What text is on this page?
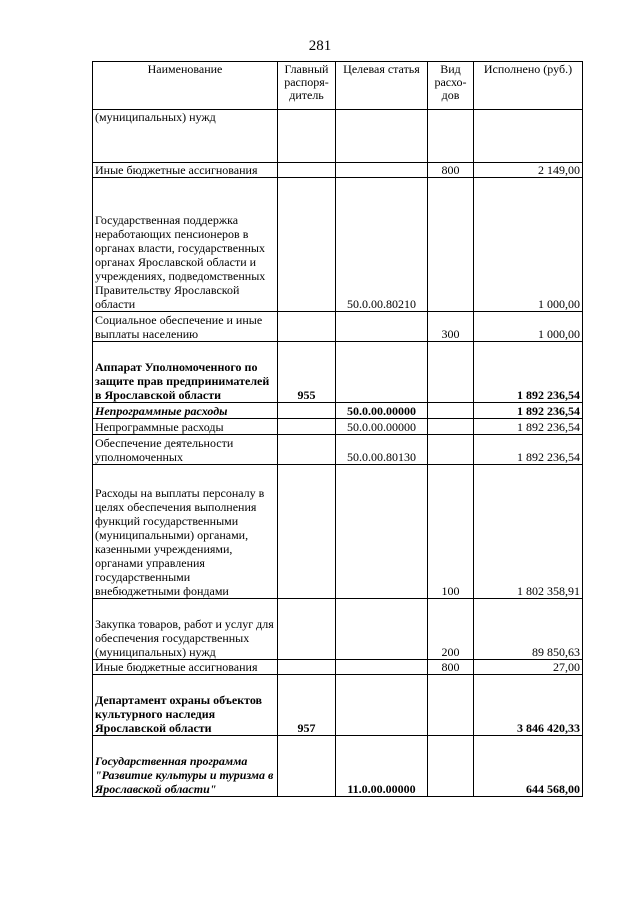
281
Наименование	Главный распоря-дитель	Целевая статья	Вид расхо-дов	Исполнено (руб.)
(муниципальных) нужд				
Иные бюджетные ассигнования			800	2 149,00
Государственная поддержка неработающих пенсионеров в органах власти, государственных органах Ярославской области и учреждениях, подведомственных Правительству Ярославской области		50.0.00.80210		1 000,00
Социальное обеспечение и иные выплаты населению			300	1 000,00
Аппарат Уполномоченного по защите прав предпринимателей в Ярославской области	955			1 892 236,54
Непрограммные расходы		50.0.00.00000		1 892 236,54
Непрограммные расходы		50.0.00.00000		1 892 236,54
Обеспечение деятельности уполномоченных		50.0.00.80130		1 892 236,54
Расходы на выплаты персоналу в целях обеспечения выполнения функций государственными (муниципальными) органами, казенными учреждениями, органами управления государственными внебюджетными фондами			100	1 802 358,91
Закупка товаров, работ и услуг для обеспечения государственных (муниципальных) нужд			200	89 850,63
Иные бюджетные ассигнования			800	27,00
Департамент охраны объектов культурного наследия Ярославской области	957			3 846 420,33
Государственная программа "Развитие культуры и туризма в Ярославской области"		11.0.00.00000		644 568,00
